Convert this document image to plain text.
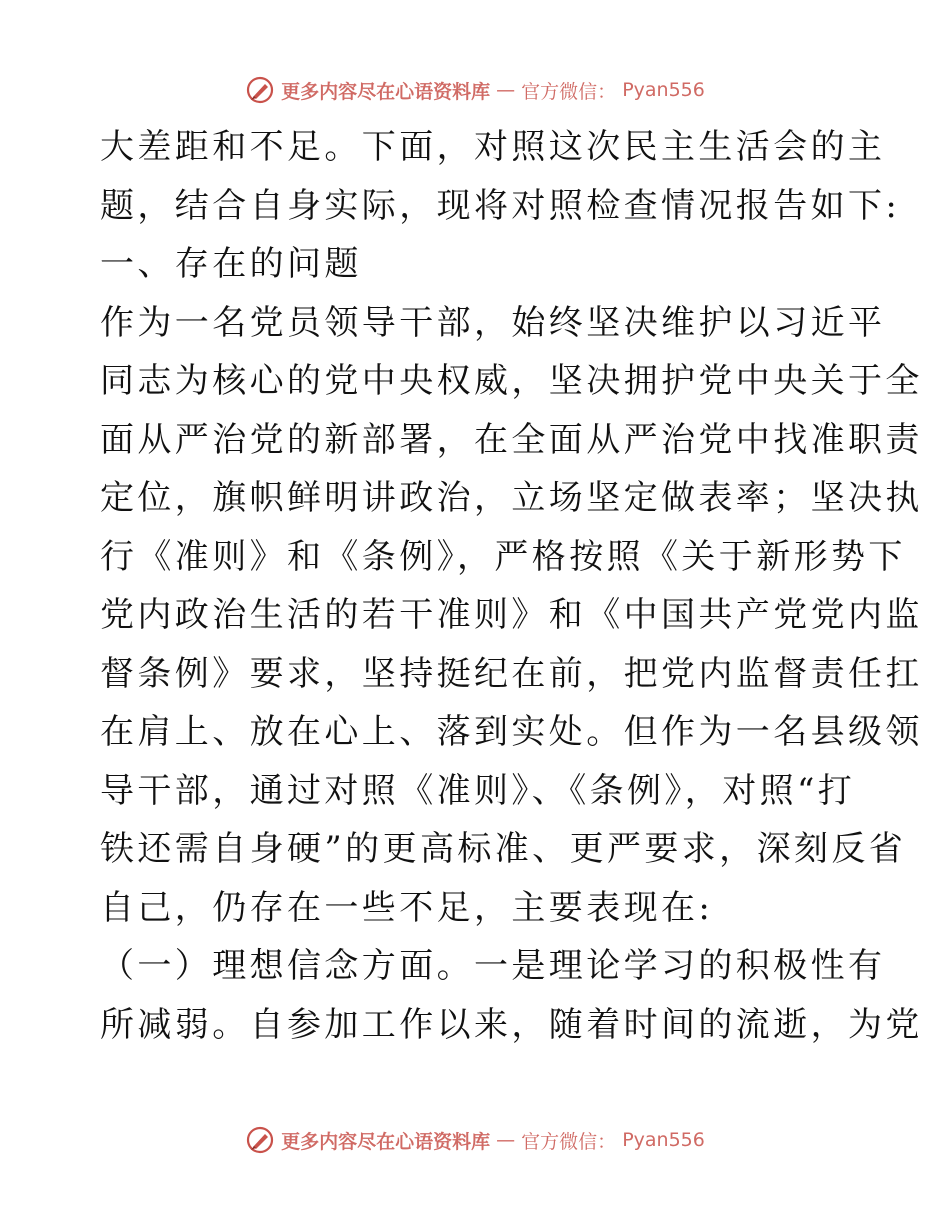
更多内容尽在心语资料库 — 官方微信： Pyan556
大差距和不足。下面，对照这次民主生活会的主
题，结合自身实际，现将对照检查情况报告如下:
一、存在的问题
作为一名党员领导干部，始终坚决维护以习近平
同志为核心的党中央权威，坚决拥护党中央关于全
面从严治党的新部署，在全面从严治党中找准职责
定位，旗帜鲜明讲政治，立场坚定做表率；坚决执
行《准则》和《条例》，严格按照《关于新形势下
党内政治生活的若干准则》和《中国共产党党内监
督条例》要求，坚持挺纪在前，把党内监督责任扛
在肩上、放在心上、落到实处。但作为一名县级领
导干部，通过对照《准则》、《条例》，对照“打
铁还需自身硬”的更高标准、更严要求，深刻反省
自己，仍存在一些不足，主要表现在:
（一）理想信念方面。一是理论学习的积极性有
所减弱。自参加工作以来，随着时间的流逝，为党
更多内容尽在心语资料库 — 官方微信： Pyan556
